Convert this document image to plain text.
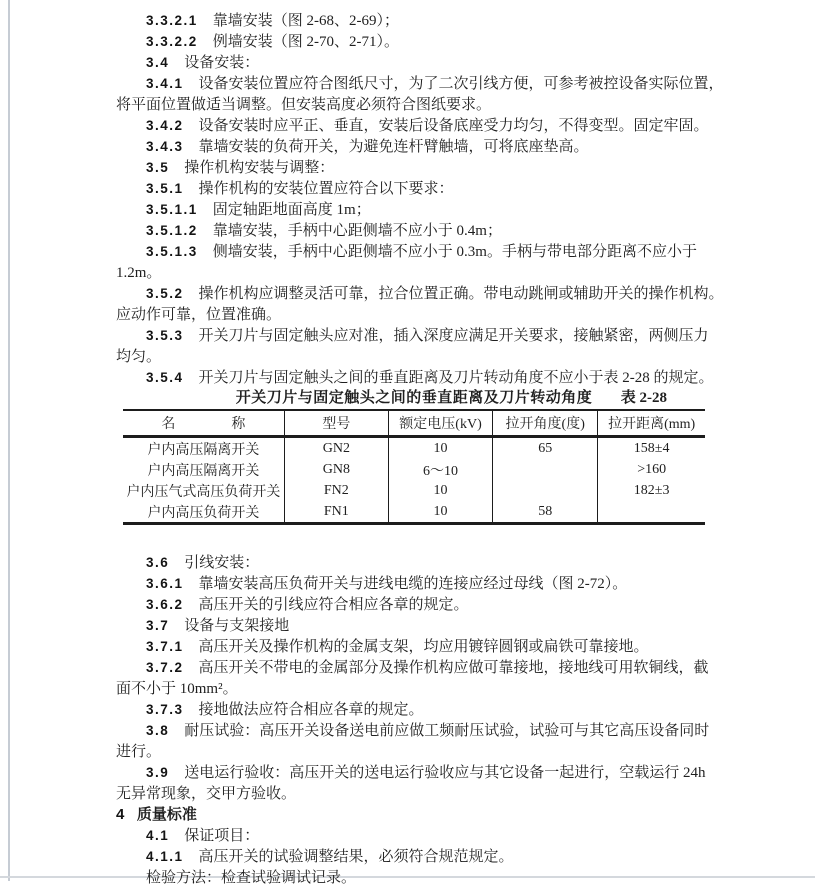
3.3.2.1 靠墙安装（图 2-68、2-69）；
3.3.2.2 例墙安装（图 2-70、2-71）。
3.4 设备安装：
3.4.1 设备安装位置应符合图纸尺寸，为了二次引线方便，可参考被控设备实际位置，
将平面位置做适当调整。但安装高度必须符合图纸要求。
3.4.2 设备安装时应平正、垂直，安装后设备底座受力均匀，不得变型。固定牢固。
3.4.3 靠墙安装的负荷开关，为避免连杆臂触墙，可将底座垫高。
3.5 操作机构安装与调整：
3.5.1 操作机构的安装位置应符合以下要求：
3.5.1.1 固定轴距地面高度 1m；
3.5.1.2 靠墙安装，手柄中心距侧墙不应小于 0.4m；
3.5.1.3 侧墙安装，手柄中心距侧墙不应小于 0.3m。手柄与带电部分距离不应小于
1.2m。
3.5.2 操作机构应调整灵活可靠，拉合位置正确。带电动跳闸或辅助开关的操作机构。
应动作可靠，位置准确。
3.5.3 开关刀片与固定触头应对准，插入深度应满足开关要求，接触紧密，两侧压力
均匀。
3.5.4 开关刀片与固定触头之间的垂直距离及刀片转动角度不应小于表 2-28 的规定。
开关刀片与固定触头之间的垂直距离及刀片转动角度 表 2-28
名　　　　称	型号	额定电压(kV)	拉开角度(度)	拉开距离(mm)
户内高压隔离开关	GN2	10	65	158±4
户内高压隔离开关	GN8	6～10		>160
户内压气式高压负荷开关	FN2	10		182±3
户内高压负荷开关	FN1	10	58	
3.6 引线安装：
3.6.1 靠墙安装高压负荷开关与进线电缆的连接应经过母线（图 2-72）。
3.6.2 高压开关的引线应符合相应各章的规定。
3.7 设备与支架接地
3.7.1 高压开关及操作机构的金属支架，均应用镀锌圆钢或扁铁可靠接地。
3.7.2 高压开关不带电的金属部分及操作机构应做可靠接地，接地线可用软铜线，截
面不小于 10mm²。
3.7.3 接地做法应符合相应各章的规定。
3.8 耐压试验：高压开关设备送电前应做工频耐压试验，试验可与其它高压设备同时
进行。
3.9 送电运行验收：高压开关的送电运行验收应与其它设备一起进行，空载运行 24h
无异常现象，交甲方验收。
4 质量标准
4.1 保证项目：
4.1.1 高压开关的试验调整结果，必须符合规范规定。
检验方法：检查试验调试记录。
